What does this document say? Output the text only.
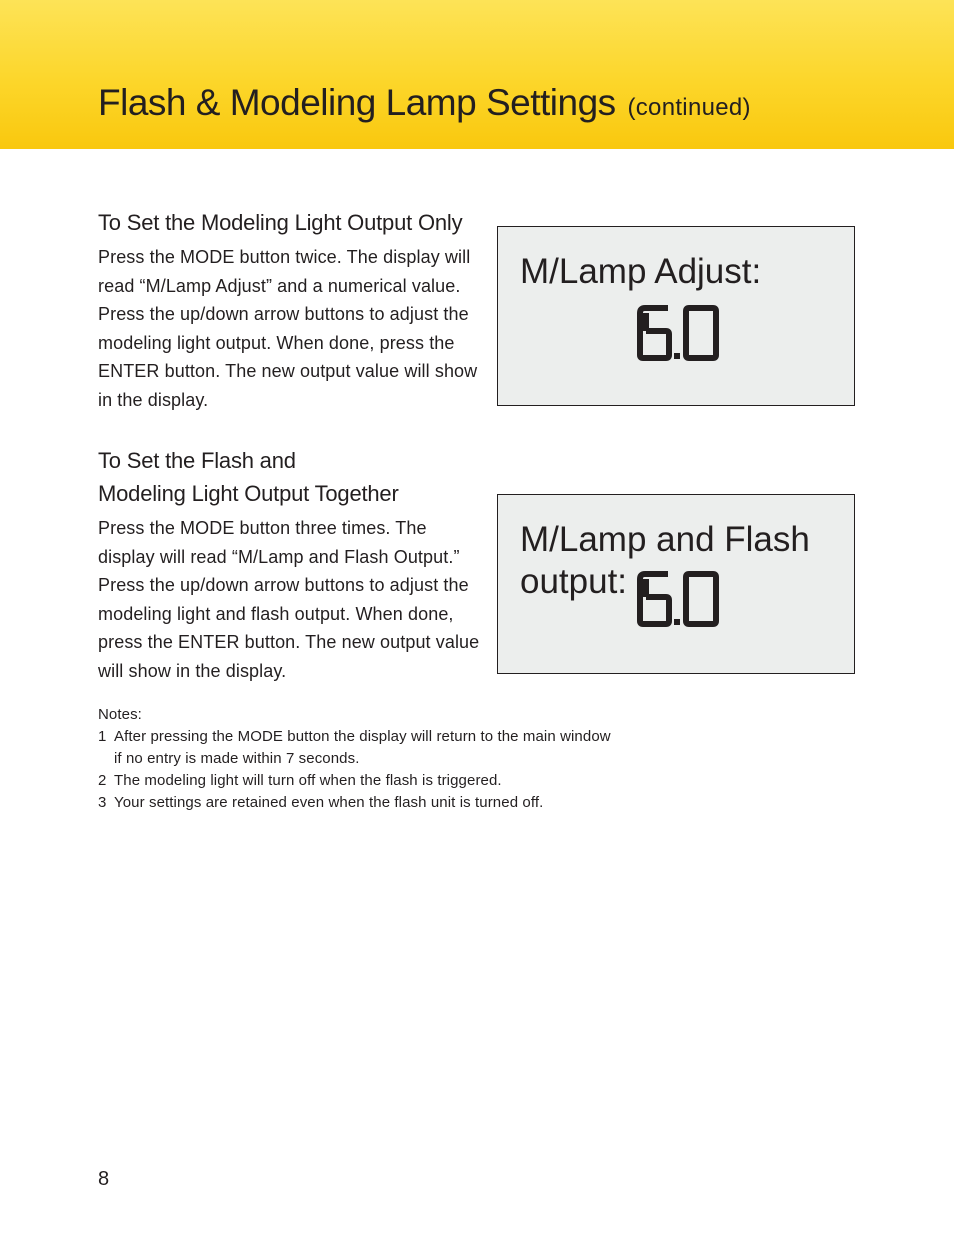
Flash & Modeling Lamp Settings (continued)
To Set the Modeling Light Output Only

Press the MODE button twice. The display will read “M/Lamp Adjust” and a numerical value. Press the up/down arrow buttons to adjust the modeling light output. When done, press the ENTER button. The new output value will show in the display.

To Set the Flash and
Modeling Light Output Together

Press the MODE button three times. The display will read “M/Lamp and Flash Output.” Press the up/down arrow buttons to adjust the modeling light and flash output. When done, press the ENTER button. The new output value will show in the display.

M/Lamp Adjust:
6.0
M/Lamp and Flash
output:	6.0
Notes:
1 After pressing the MODE button the display will return to the main window
if no entry is made within 7 seconds.
2 The modeling light will turn off when the flash is triggered.
3 Your settings are retained even when the flash unit is turned off.
8
